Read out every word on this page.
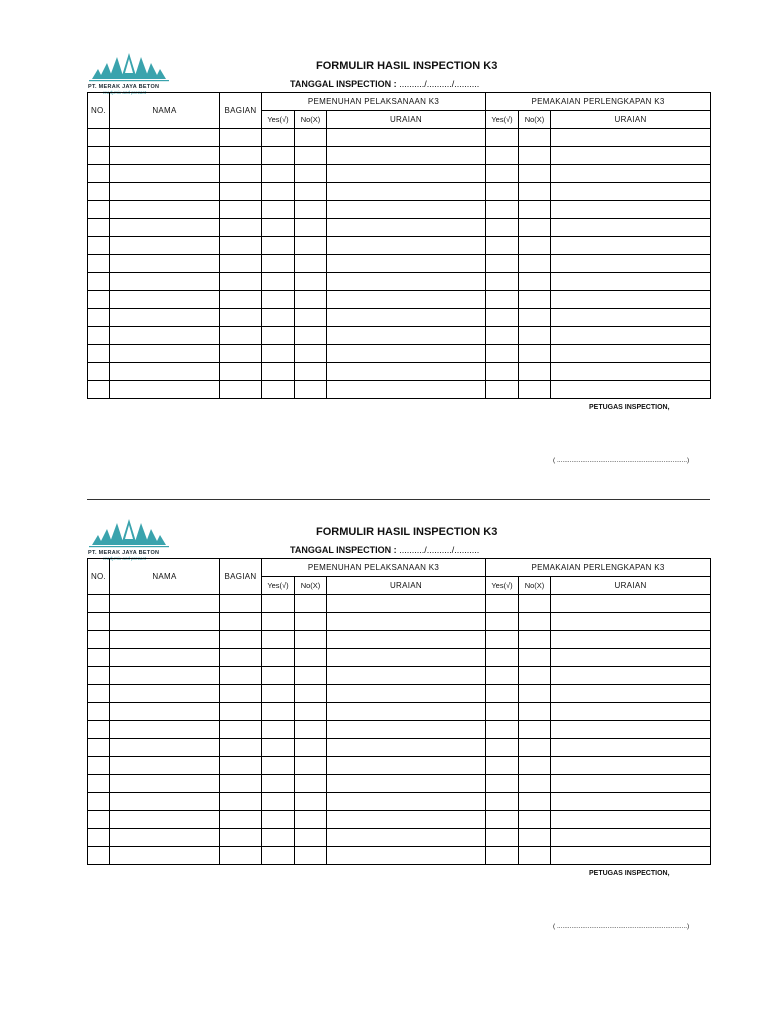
PT. MERAK JAYA BETON
readymix and precast
FORMULIR HASIL INSPECTION K3
TANGGAL INSPECTION : ........../........../..........
NO.	NAMA	BAGIAN	PEMENUHAN PELAKSANAAN K3			PEMAKAIAN PERLENGKAPAN K3		
			Yes(√)	No(X)	URAIAN	Yes(√)	No(X)	URAIAN

PETUGAS INSPECTION,
( ........................................................................)
PT. MERAK JAYA BETON
readymix and precast
FORMULIR HASIL INSPECTION K3
TANGGAL INSPECTION : ........../........../..........
NO.	NAMA	BAGIAN	PEMENUHAN PELAKSANAAN K3			PEMAKAIAN PERLENGKAPAN K3		
			Yes(√)	No(X)	URAIAN	Yes(√)	No(X)	URAIAN

PETUGAS INSPECTION,
( ........................................................................)
